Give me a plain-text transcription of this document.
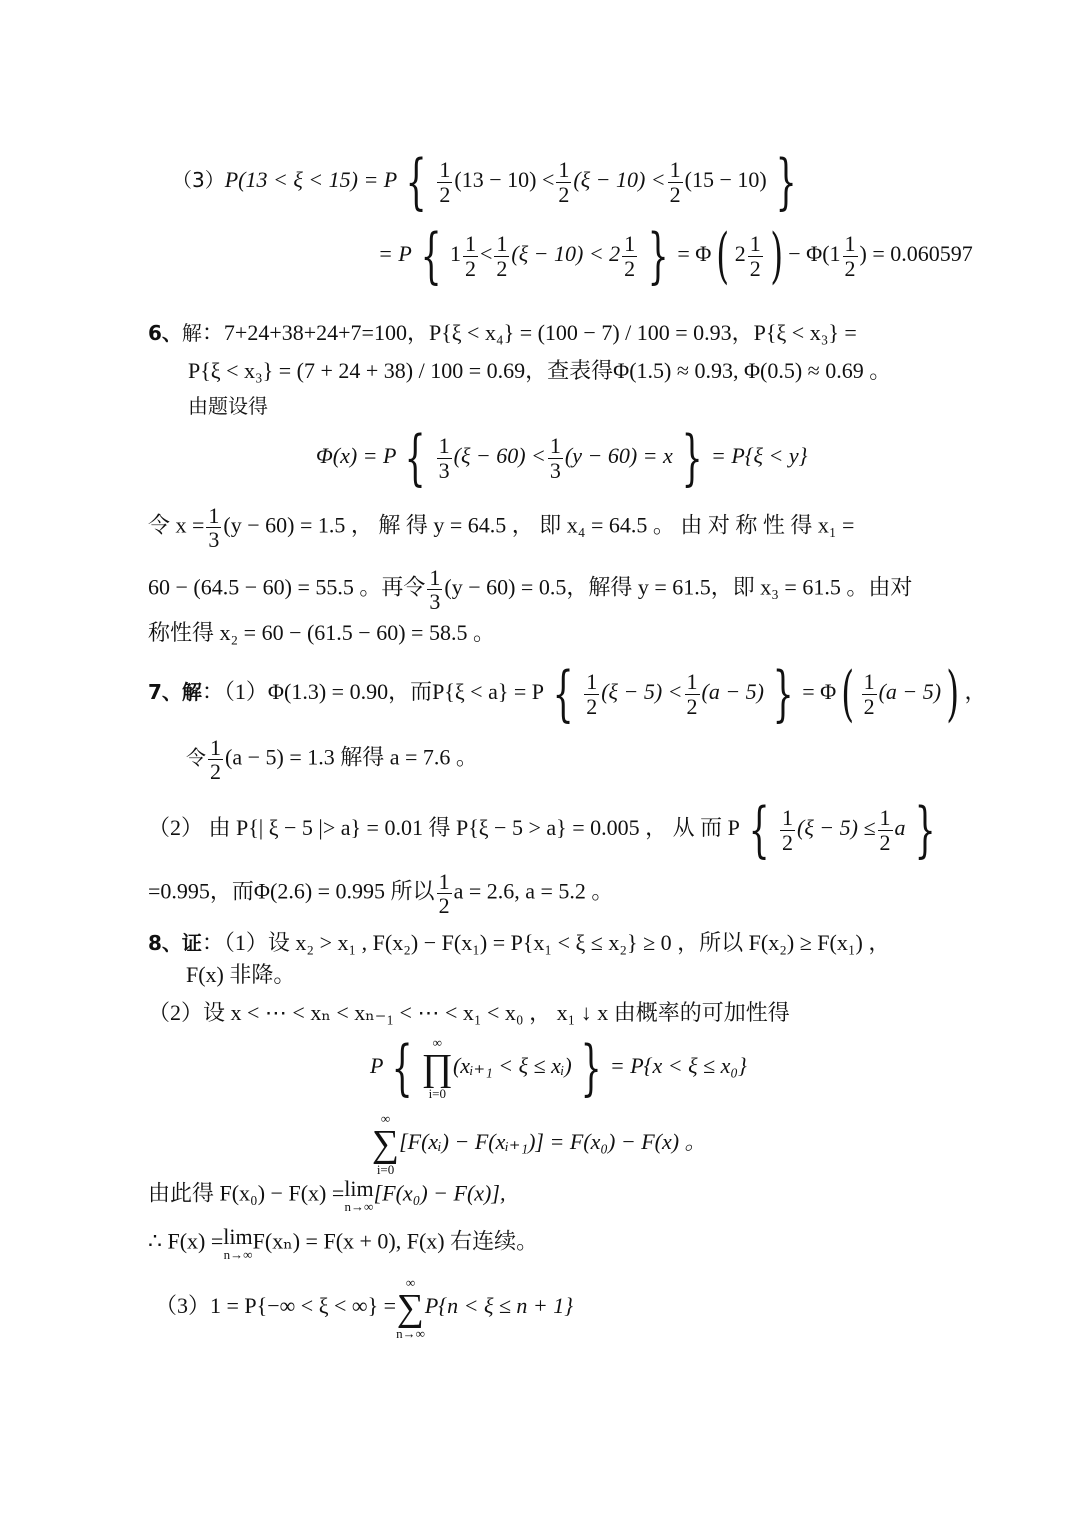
（3）P(13 < ξ < 15) = P { $\frac{1}{2} (13 - 10) < \frac{1}{2} (\xi - 10) < \frac{1}{2} (15 - 10)$ }
= P { $1 \frac{1}{2} < \frac{1}{2} (\xi - 10) < 2 \frac{1}{2}$ } = Φ( $2 \frac{1}{2}$ ) − $\Phi(1 \frac{1}{2}$ ) = 0.060597
6、解：7+24+38+24+7=100，P{ξ < x₄} = (100 − 7) / 100 = 0.93，P{ξ < x₃} =
P{ξ < x₃} = (7 + 24 + 38) / 100 = 0.69，查表得Φ(1.5) ≈ 0.93, Φ(0.5) ≈ 0.69 。
由题设得
Φ(x) = P { $\frac{1}{3} (\xi - 60) < \frac{1}{3} (y - 60) = x$ } = P{ξ < y}
令 $x = \frac{1}{3} (y - 60) = 1.5$ ， 解 得 y = 64.5 ， 即 x₄ = 64.5 。 由 对 称 性 得 x₁ =
60 − (64.5 − 60) = 55.5 。再令 $\frac{1}{3} (y - 60) = 0.5$，解得 y = 61.5，即 x₃ = 61.5 。由对
称性得 x₂ = 60 − (61.5 − 60) = 58.5 。
7、解：（1）Φ(1.3) = 0.90，而P{ξ < a} = P { $\frac{1}{2} (\xi - 5) < \frac{1}{2} (a - 5)$ } = $\Phi( \frac{1}{2} (a - 5))$ ，
令 $\frac{1}{2} (a - 5) = 1.3$ 解得 a = 7.6 。
（2） 由 P{| ξ − 5 |> a} = 0.01 得 P{ξ − 5 > a} = 0.005 ， 从 而 P { $\frac{1}{2} (\xi - 5) \le \frac{1}{2}$ a }
=0.995，而Φ(2.6) = 0.995 所以 $\frac{1}{2}$ a = 2.6, a = 5.2 。
8、证：（1）设 x₂ > x₁ , F(x₂) − F(x₁) = P{x₁ < ξ ≤ x₂} ≥ 0 ，所以 F(x₂) ≥ F(x₁) ，
F(x) 非降。
（2）设 x < ⋯ < xₙ < xₙ₋₁ < ⋯ < x₁ < x₀ ， x₁ ↓ x 由概率的可加性得
P {	∞
∏
i=0
(xᵢ₊₁ < ξ ≤ xᵢ) } = P{x < ξ ≤ x₀}
∞
∑
i=0
[F(xᵢ) − F(xᵢ₊₁)] = F(x₀) − F(x) 。
由此得 F(x₀) − F(x) = lim
n→∞
[F(x₀) − F(x)],
∴ F(x) = lim
n→∞
F(xₙ) = F(x + 0), F(x) 右连续。
（3）1 = P{−∞ < ξ < ∞} =
∞
∑
n→∞
P{n < ξ ≤ n + 1}
